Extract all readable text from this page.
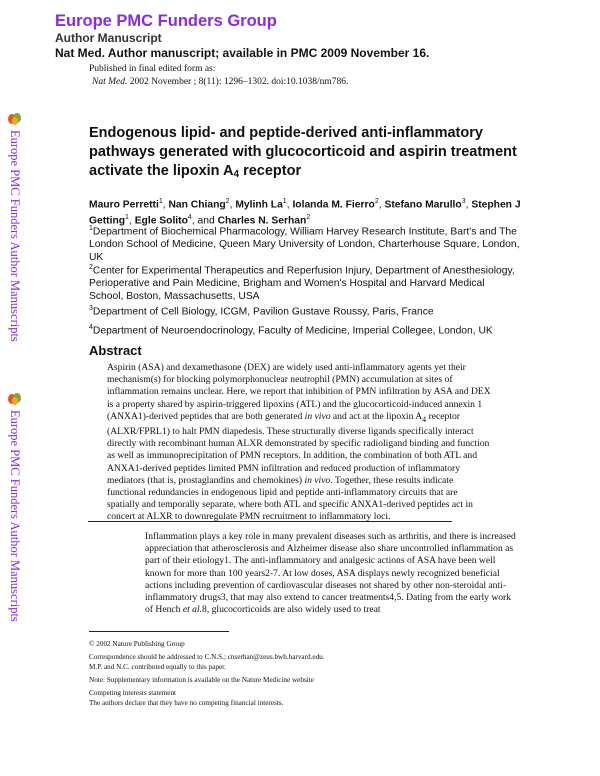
Europe PMC Funders Group
Author Manuscript
Nat Med. Author manuscript; available in PMC 2009 November 16.
Published in final edited form as:
Nat Med. 2002 November ; 8(11): 1296–1302. doi:10.1038/nm786.
Europe PMC Funders Author Manuscripts
Europe PMC Funders Author Manuscripts
Endogenous lipid- and peptide-derived anti-inflammatory pathways generated with glucocorticoid and aspirin treatment activate the lipoxin $A_4$ receptor
Mauro Perretti$^1$, Nan Chiang$^2$, Mylinh La$^1$, Iolanda M. Fierro$^2$, Stefano Marullo$^3$, Stephen J Getting$^1$, Egle Solito$^4$, and Charles N. Serhan$^2$
$^1$Department of Biochemical Pharmacology, William Harvey Research Institute, Bart's and The London School of Medicine, Queen Mary University of London, Charterhouse Square, London, UK
$^2$Center for Experimental Therapeutics and Reperfusion Injury, Department of Anesthesiology, Perioperative and Pain Medicine, Brigham and Women's Hospital and Harvard Medical School, Boston, Massachusetts, USA
$^3$Department of Cell Biology, ICGM, Pavilion Gustave Roussy, Paris, France
$^4$Department of Neuroendocrinology, Faculty of Medicine, Imperial Collegee, London, UK
Abstract

Aspirin (ASA) and dexamethasone (DEX) are widely used anti-inflammatory agents yet their mechanism(s) for blocking polymorphonuclear neutrophil (PMN) accumulation at sites of inflammation remains unclear. Here, we report that inhibition of PMN infiltration by ASA and DEX is a property shared by aspirin-triggered lipoxins (ATL) and the glucocorticoid-induced annexin 1 (ANXA1)-derived peptides that are both generated in vivo and act at the lipoxin $A_4$ receptor (ALXR/FPRL1) to halt PMN diapedesis. These structurally diverse ligands specifically interact directly with recombinant human ALXR demonstrated by specific radioligand binding and function as well as immunoprecipitation of PMN receptors. In addition, the combination of both ATL and ANXA1-derived peptides limited PMN infiltration and reduced production of inflammatory mediators (that is, prostaglandins and chemokines) in vivo. Together, these results indicate functional redundancies in endogenous lipid and peptide anti-inflammatory circuits that are spatially and temporally separate, where both ATL and specific ANXA1-derived peptides act in concert at ALXR to downregulate PMN recruitment to inflammatory loci.

Inflammation plays a key role in many prevalent diseases such as arthritis, and there is increased appreciation that atherosclerosis and Alzheimer disease also share uncontrolled inflammation as part of their etiology1. The anti-inflammatory and analgesic actions of ASA have been well known for more than 100 years2-7. At low doses, ASA displays newly recognized beneficial actions including prevention of cardiovascular diseases not shared by other non-steroidal anti-inflammatory drugs3, that may also extend to cancer treatments4,5. Dating from the early work of Hench et al.8, glucocorticoids are also widely used to treat

© 2002 Nature Publishing Group
Correspondence should be addressed to C.N.S.; cnserhan@zeus.bwh.harvard.edu.
M.P. and N.C. contributed equally to this paper.
Note: Supplementary information is available on the Nature Medicine website
Competing interests statement
The authors declare that they have no competing financial interests.
